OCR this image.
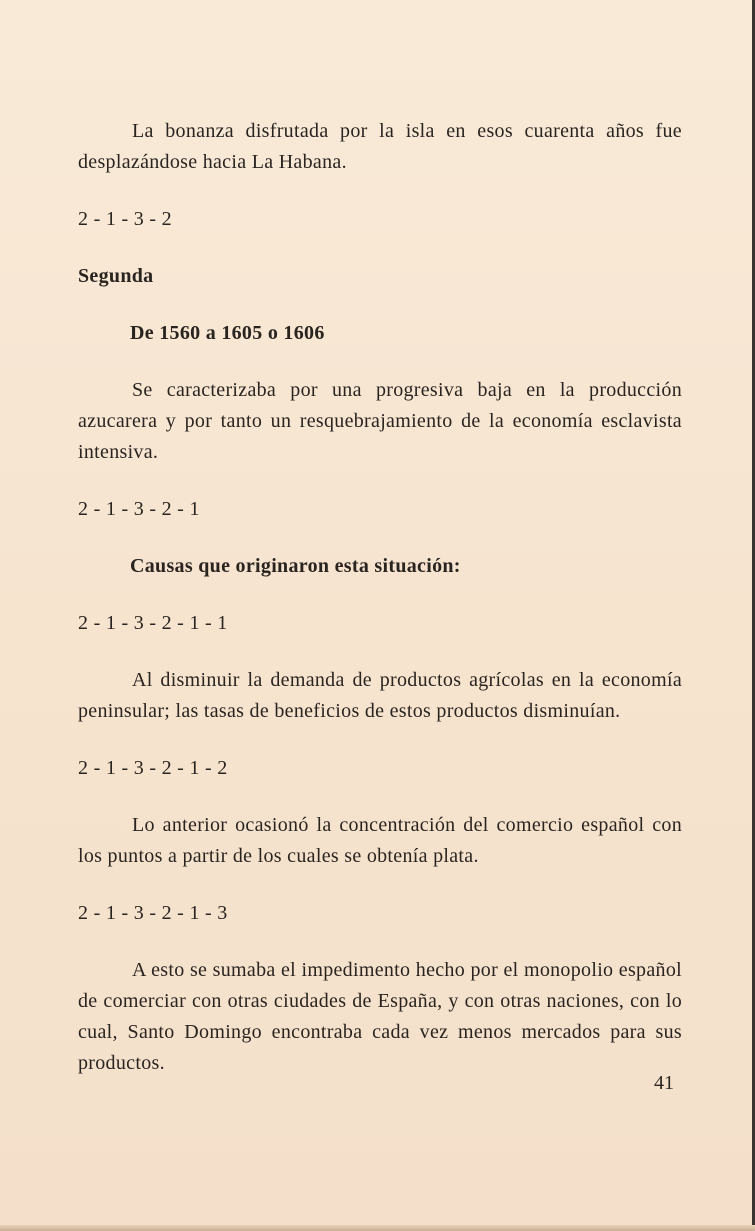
La bonanza disfrutada por la isla en esos cuarenta años fue desplazándose hacia La Habana.

2 - 1 - 3 - 2

Segunda

De 1560 a 1605 o 1606

Se caracterizaba por una progresiva baja en la producción azucarera y por tanto un resquebrajamiento de la economía esclavista intensiva.

2 - 1 - 3 - 2 - 1

Causas que originaron esta situación:

2 - 1 - 3 - 2 - 1 - 1

Al disminuir la demanda de productos agrícolas en la economía peninsular; las tasas de beneficios de estos productos disminuían.

2 - 1 - 3 - 2 - 1 - 2

Lo anterior ocasionó la concentración del comercio español con los puntos a partir de los cuales se obtenía plata.

2 - 1 - 3 - 2 - 1 - 3

A esto se sumaba el impedimento hecho por el monopolio español de comerciar con otras ciudades de España, y con otras naciones, con lo cual, Santo Domingo encontraba cada vez menos mercados para sus productos.

41
